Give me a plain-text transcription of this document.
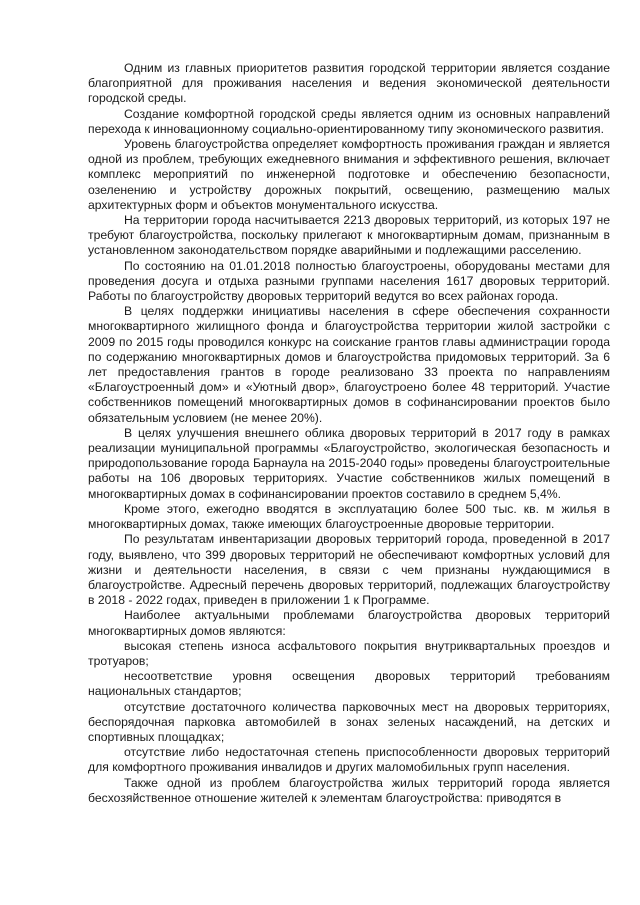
Одним из главных приоритетов развития городской территории является создание благоприятной для проживания населения и ведения экономической деятельности городской среды.

Создание комфортной городской среды является одним из основных направлений перехода к инновационному социально-ориентированному типу экономического развития.

Уровень благоустройства определяет комфортность проживания граждан и является одной из проблем, требующих ежедневного внимания и эффективного решения, включает комплекс мероприятий по инженерной подготовке и обеспечению безопасности, озеленению и устройству дорожных покрытий, освещению, размещению малых архитектурных форм и объектов монументального искусства.

На территории города насчитывается 2213 дворовых территорий, из которых 197 не требуют благоустройства, поскольку прилегают к многоквартирным домам, признанным в установленном законодательством порядке аварийными и подлежащими расселению.

По состоянию на 01.01.2018 полностью благоустроены, оборудованы местами для проведения досуга и отдыха разными группами населения 1617 дворовых территорий. Работы по благоустройству дворовых территорий ведутся во всех районах города.

В целях поддержки инициативы населения в сфере обеспечения сохранности многоквартирного жилищного фонда и благоустройства территории жилой застройки с 2009 по 2015 годы проводился конкурс на соискание грантов главы администрации города по содержанию многоквартирных домов и благоустройства придомовых территорий. За 6 лет предоставления грантов в городе реализовано 33 проекта по направлениям «Благоустроенный дом» и «Уютный двор», благоустроено более 48 территорий. Участие собственников помещений многоквартирных домов в софинансировании проектов было обязательным условием (не менее 20%).

В целях улучшения внешнего облика дворовых территорий в 2017 году в рамках реализации муниципальной программы «Благоустройство, экологическая безопасность и природопользование города Барнаула на 2015-2040 годы» проведены благоустроительные работы на 106 дворовых территориях. Участие собственников жилых помещений в многоквартирных домах в софинансировании проектов составило в среднем 5,4%.

Кроме этого, ежегодно вводятся в эксплуатацию более 500 тыс. кв. м жилья в многоквартирных домах, также имеющих благоустроенные дворовые территории.

По результатам инвентаризации дворовых территорий города, проведенной в 2017 году, выявлено, что 399 дворовых территорий не обеспечивают комфортных условий для жизни и деятельности населения, в связи с чем признаны нуждающимися в благоустройстве. Адресный перечень дворовых территорий, подлежащих благоустройству в 2018 - 2022 годах, приведен в приложении 1 к Программе.

Наиболее актуальными проблемами благоустройства дворовых территорий многоквартирных домов являются:

высокая степень износа асфальтового покрытия внутриквартальных проездов и тротуаров;

несоответствие уровня освещения дворовых территорий требованиям национальных стандартов;

отсутствие достаточного количества парковочных мест на дворовых территориях, беспорядочная парковка автомобилей в зонах зеленых насаждений, на детских и спортивных площадках;

отсутствие либо недостаточная степень приспособленности дворовых территорий для комфортного проживания инвалидов и других маломобильных групп населения.

Также одной из проблем благоустройства жилых территорий города является бесхозяйственное отношение жителей к элементам благоустройства: приводятся в
